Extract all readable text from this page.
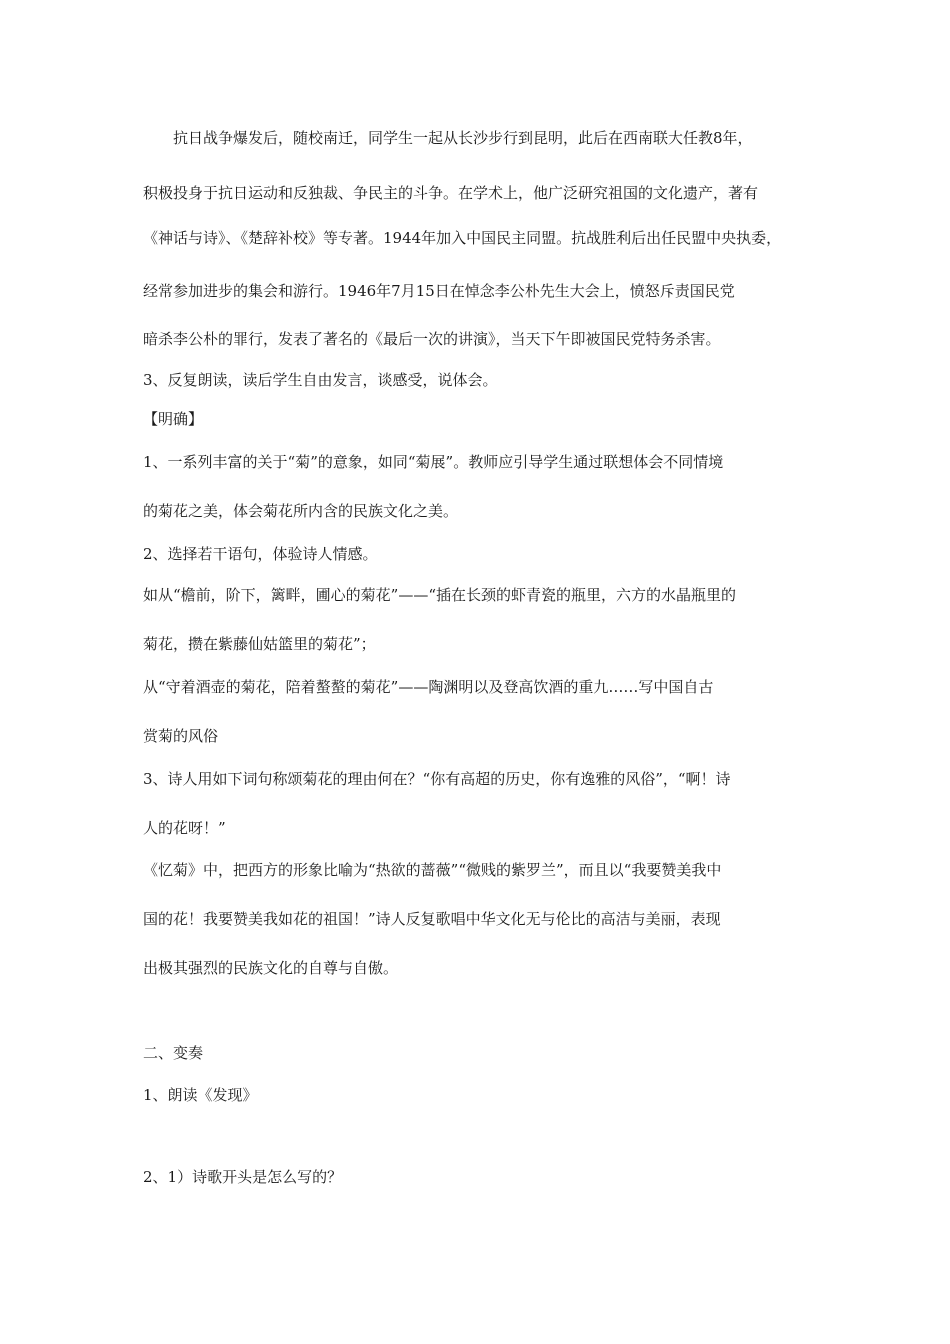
抗日战争爆发后，随校南迁，同学生一起从长沙步行到昆明，此后在西南联大任教8年，
积极投身于抗日运动和反独裁、争民主的斗争。在学术上，他广泛研究祖国的文化遗产，著有
《神话与诗》、《楚辞补校》等专著。1944年加入中国民主同盟。抗战胜利后出任民盟中央执委，
经常参加进步的集会和游行。1946年7月15日在悼念李公朴先生大会上，愤怒斥责国民党
暗杀李公朴的罪行，发表了著名的《最后一次的讲演》，当天下午即被国民党特务杀害。
3、反复朗读，读后学生自由发言，谈感受，说体会。
【明确】
1、一系列丰富的关于“菊”的意象，如同“菊展”。教师应引导学生通过联想体会不同情境
的菊花之美，体会菊花所内含的民族文化之美。
2、选择若干语句，体验诗人情感。
如从“檐前，阶下，篱畔，圃心的菊花”——“插在长颈的虾青瓷的瓶里，六方的水晶瓶里的
菊花，攒在紫藤仙姑篮里的菊花”；
从“守着酒壶的菊花，陪着螯螯的菊花”——陶渊明以及登高饮酒的重九……写中国自古
赏菊的风俗
3、诗人用如下词句称颂菊花的理由何在？“你有高超的历史，你有逸雅的风俗”，“啊！诗
人的花呀！”
《忆菊》中，把西方的形象比喻为“热欲的蔷薇”“微贱的紫罗兰”，而且以“我要赞美我中
国的花！我要赞美我如花的祖国！”诗人反复歌唱中华文化无与伦比的高洁与美丽，表现
出极其强烈的民族文化的自尊与自傲。
二、变奏
1、朗读《发现》
2、1）诗歌开头是怎么写的？
